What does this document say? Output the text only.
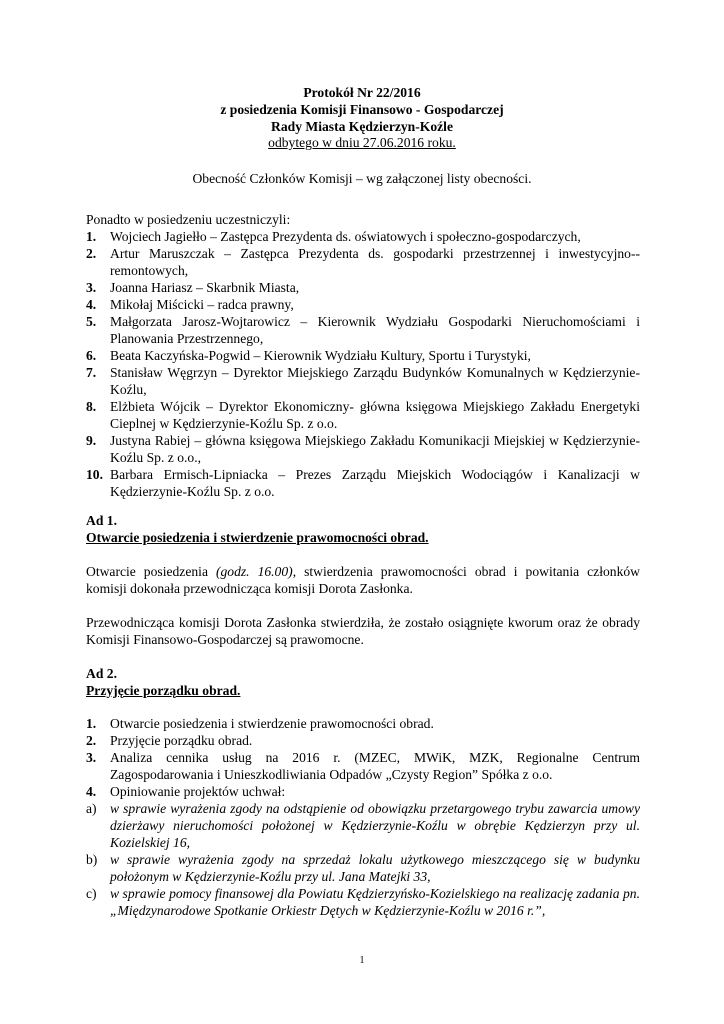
Protokół Nr 22/2016
z posiedzenia Komisji Finansowo - Gospodarczej
Rady Miasta Kędzierzyn-Koźle
odbytego w dniu 27.06.2016 roku.
Obecność Członków Komisji – wg załączonej listy obecności.
Ponadto w posiedzeniu uczestniczyli:
1.	Wojciech Jagiełło – Zastępca Prezydenta ds. oświatowych i społeczno-gospodarczych,
2.	Artur Maruszczak – Zastępca Prezydenta ds. gospodarki przestrzennej i inwestycyjno--remontowych,
3.	Joanna Hariasz – Skarbnik Miasta,
4.	Mikołaj Miścicki – radca prawny,
5.	Małgorzata Jarosz-Wojtarowicz – Kierownik Wydziału Gospodarki Nieruchomościami i Planowania Przestrzennego,
6.	Beata Kaczyńska-Pogwid – Kierownik Wydziału Kultury, Sportu i Turystyki,
7.	Stanisław Węgrzyn – Dyrektor Miejskiego Zarządu Budynków Komunalnych w Kędzierzynie-Koźlu,
8.	Elżbieta Wójcik – Dyrektor Ekonomiczny- główna księgowa Miejskiego Zakładu Energetyki Cieplnej w Kędzierzynie-Koźlu Sp. z o.o.
9.	Justyna Rabiej – główna księgowa Miejskiego Zakładu Komunikacji Miejskiej w Kędzierzynie-Koźlu Sp. z o.o.,
10. Barbara Ermisch-Lipniacka – Prezes Zarządu Miejskich Wodociągów i Kanalizacji w Kędzierzynie-Koźlu Sp. z o.o.
Ad 1.
Otwarcie posiedzenia i stwierdzenie prawomocności obrad.
Otwarcie posiedzenia (godz. 16.00), stwierdzenia prawomocności obrad i powitania członków komisji dokonała przewodnicząca komisji Dorota Zasłonka.
Przewodnicząca komisji Dorota Zasłonka stwierdziła, że zostało osiągnięte kworum oraz że obrady Komisji Finansowo-Gospodarczej są prawomocne.
Ad 2.
Przyjęcie porządku obrad.
1.	Otwarcie posiedzenia i stwierdzenie prawomocności obrad.
2.	Przyjęcie porządku obrad.
3.	Analiza cennika usług na 2016 r. (MZEC, MWiK, MZK, Regionalne Centrum Zagospodarowania i Unieszkodliwiania Odpadów „Czysty Region” Spółka z o.o.
4.	Opiniowanie projektów uchwał:
a) w sprawie wyrażenia zgody na odstąpienie od obowiązku przetargowego trybu zawarcia umowy dzierżawy nieruchomości położonej w Kędzierzynie-Koźlu w obrębie Kędzierzyn przy ul. Kozielskiej 16,
b) w sprawie wyrażenia zgody na sprzedaż lokalu użytkowego mieszczącego się w budynku położonym w Kędzierzynie-Koźlu przy ul. Jana Matejki 33,
c) w sprawie pomocy finansowej dla Powiatu Kędzierzyńsko-Kozielskiego na realizację zadania pn. „Międzynarodowe Spotkanie Orkiestr Dętych w Kędzierzynie-Koźlu w 2016 r.”,
1
